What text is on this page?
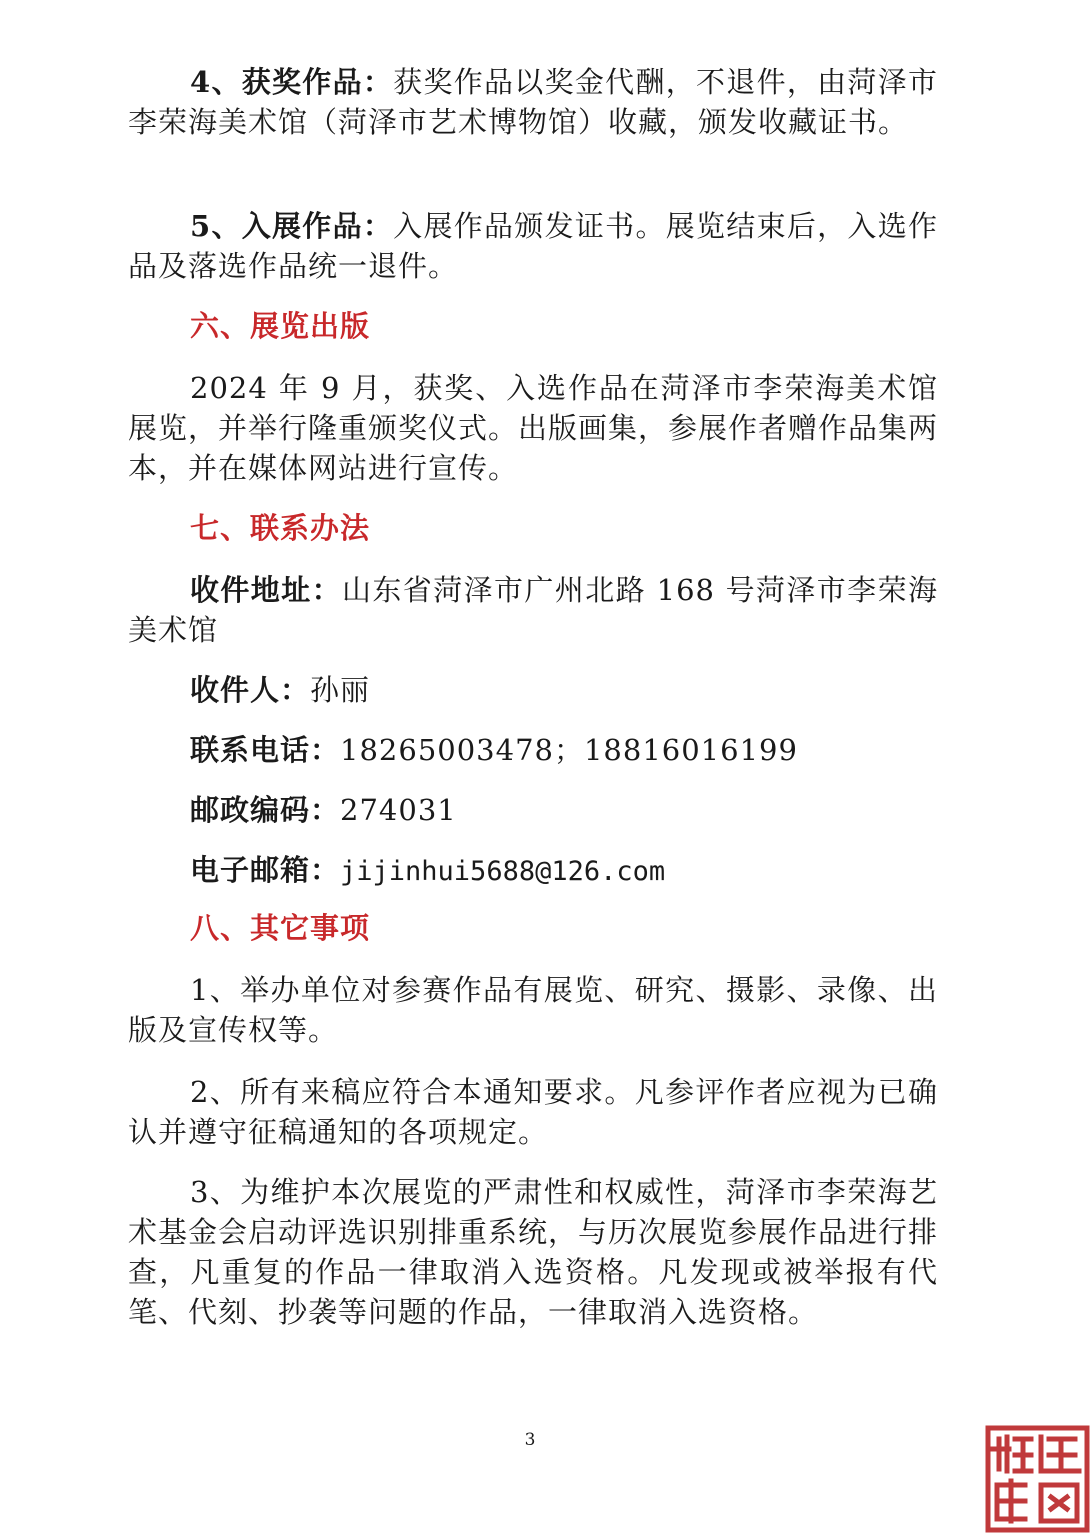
4、获奖作品：获奖作品以奖金代酬，不退件，由菏泽市李荣海美术馆（菏泽市艺术博物馆）收藏，颁发收藏证书。

5、入展作品：入展作品颁发证书。展览结束后，入选作品及落选作品统一退件。

六、展览出版

2024 年 9 月，获奖、入选作品在菏泽市李荣海美术馆展览，并举行隆重颁奖仪式。出版画集，参展作者赠作品集两本，并在媒体网站进行宣传。

七、联系办法

收件地址：山东省菏泽市广州北路 168 号菏泽市李荣海美术馆

收件人：孙丽

联系电话：18265003478；18816016199

邮政编码：274031

电子邮箱：jijinhui5688@126.com

八、其它事项

1、举办单位对参赛作品有展览、研究、摄影、录像、出版及宣传权等。

2、所有来稿应符合本通知要求。凡参评作者应视为已确认并遵守征稿通知的各项规定。

3、为维护本次展览的严肃性和权威性，菏泽市李荣海艺术基金会启动评选识别排重系统，与历次展览参展作品进行排查，凡重复的作品一律取消入选资格。凡发现或被举报有代笔、代刻、抄袭等问题的作品，一律取消入选资格。

3
